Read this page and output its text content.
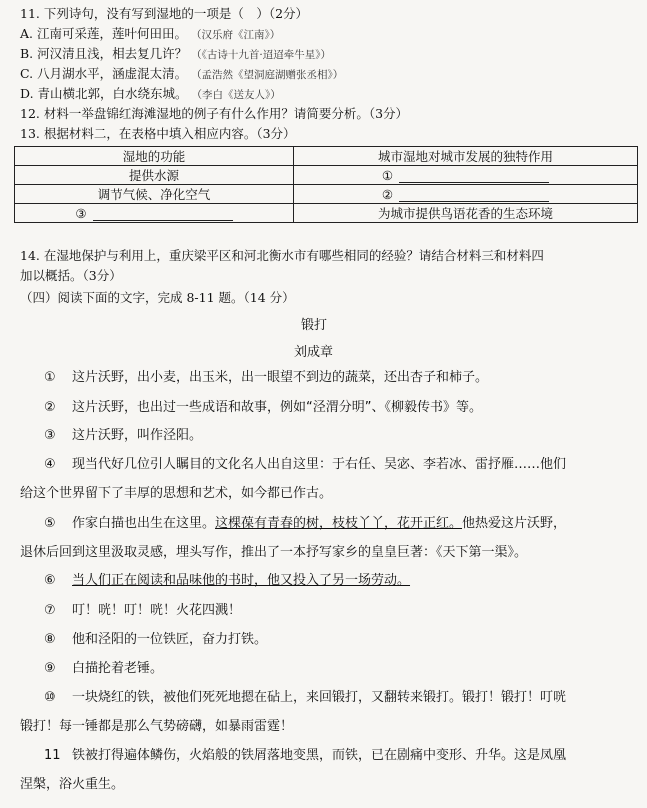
11. 下列诗句，没有写到湿地的一项是（　）（2分）
A. 江南可采莲，莲叶何田田。 （汉乐府《江南》）
B. 河汉清且浅，相去复几许？ （《古诗十九首·迢迢牵牛星》）
C. 八月湖水平，涵虚混太清。 （孟浩然《望洞庭湖赠张丞相》）
D. 青山横北郭，白水绕东城。 （李白《送友人》）
12. 材料一举盘锦红海滩湿地的例子有什么作用？请简要分析。（3分）
13. 根据材料二，在表格中填入相应内容。（3分）
湿地的功能	城市湿地对城市发展的独特作用
提供水源	①
调节气候、净化空气	②
③	为城市提供鸟语花香的生态环境
14. 在湿地保护与利用上，重庆梁平区和河北衡水市有哪些相同的经验？请结合材料三和材料四
加以概括。（3分）
（四）阅读下面的文字，完成 8-11 题。（14 分）
锻打
刘成章
① 这片沃野，出小麦，出玉米，出一眼望不到边的蔬菜，还出杏子和柿子。
② 这片沃野，也出过一些成语和故事，例如“泾渭分明”、《柳毅传书》等。
③ 这片沃野，叫作泾阳。
④ 现当代好几位引人瞩目的文化名人出自这里：于右任、吴宓、李若冰、雷抒雁……他们
给这个世界留下了丰厚的思想和艺术，如今都已作古。
⑤ 作家白描也出生在这里。这棵葆有青春的树，枝枝丫丫，花开正红。他热爱这片沃野，
退休后回到这里汲取灵感，埋头写作，推出了一本抒写家乡的皇皇巨著：《天下第一渠》。
⑥ 当人们正在阅读和品味他的书时，他又投入了另一场劳动。
⑦ 叮！咣！叮！咣！火花四溅！
⑧ 他和泾阳的一位铁匠，奋力打铁。
⑨ 白描抡着老锤。
⑩ 一块烧红的铁，被他们死死地摁在砧上，来回锻打，又翻转来锻打。锻打！锻打！叮咣
锻打！每一锤都是那么气势磅礴，如暴雨雷霆！
11 铁被打得遍体鳞伤，火焰般的铁屑落地变黑，而铁，已在剧痛中变形、升华。这是凤凰
涅槃，浴火重生。
